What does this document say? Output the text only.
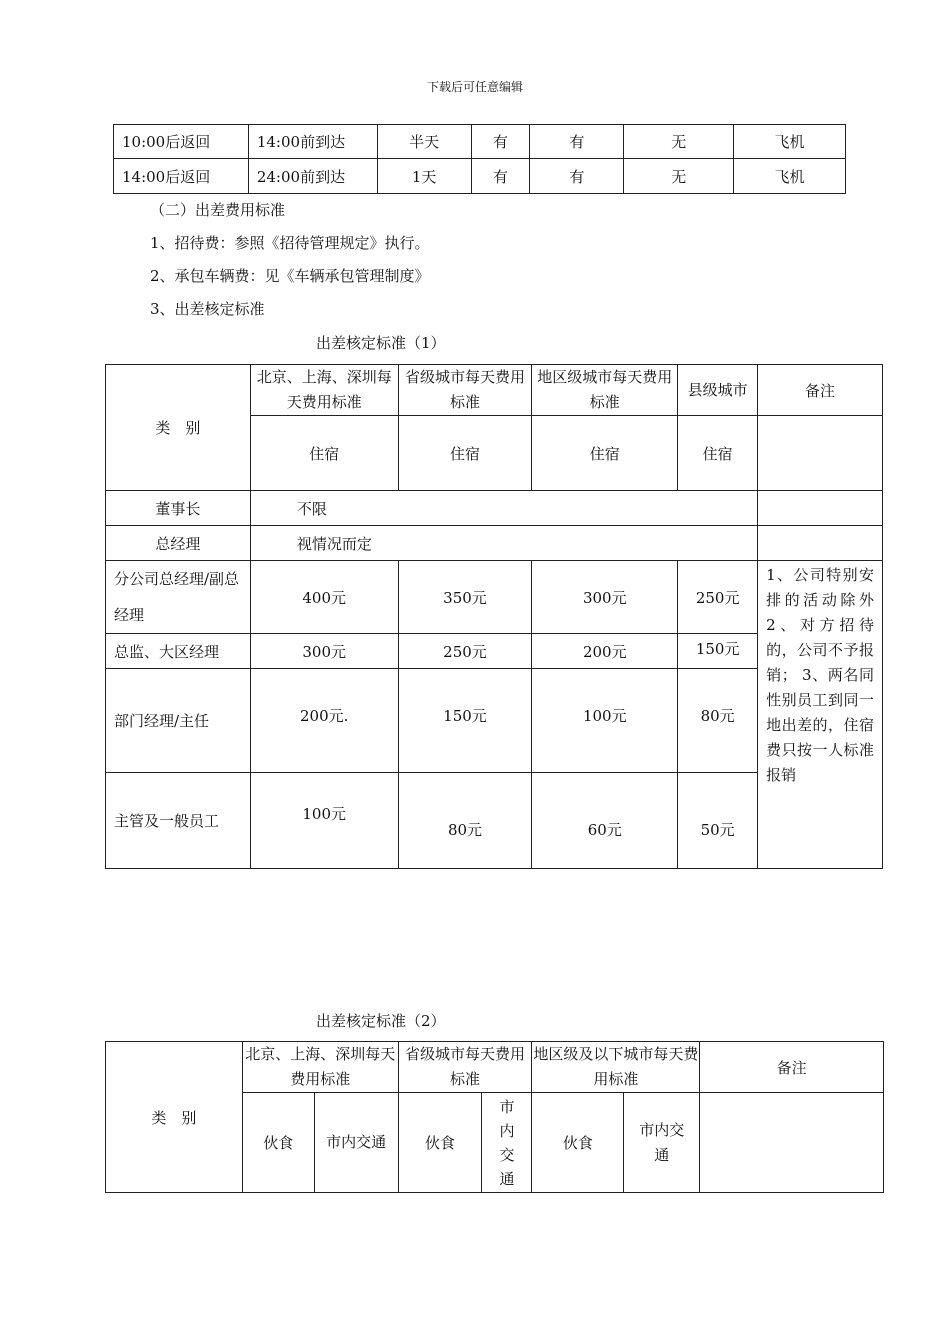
下载后可任意编辑
10:00后返回	14:00前到达	半天	有	有	无	飞机
14:00后返回	24:00前到达	1天	有	有	无	飞机
（二）出差费用标准
1、招待费：参照《招待管理规定》执行。
2、承包车辆费：见《车辆承包管理制度》
3、出差核定标准
出差核定标准（1）
类　别	北京、上海、深圳每天费用标准	省级城市每天费用标准	地区级城市每天费用标准	县级城市	备注
	住宿	住宿	住宿	住宿	
董事长	不限				
总经理	视情况而定				
分公司总经理/副总经理	400元	350元	300元	250元	1、公司特别安排的活动除外 2、对方招待的，公司不予报销； 3、两名同性别员工到同一地出差的，住宿费只按一人标准报销
总监、大区经理	300元	250元	200元	150元	
部门经理/主任	200元.	150元	100元	80元	
主管及一般员工	100元	80元	60元	50元	
出差核定标准（2）
类　别	北京、上海、深圳每天费用标准		省级城市每天费用标准		地区级及以下城市每天费用标准		备注
	伙食	市内交通	伙食	市内交通	伙食	市内交通	
